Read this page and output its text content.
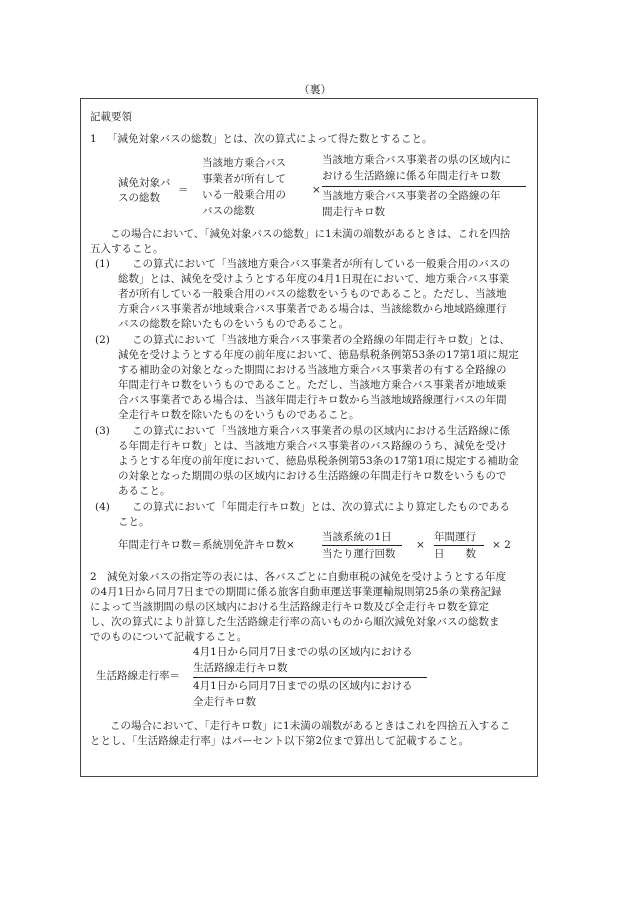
（裏）
記載要領
1 「減免対象バスの総数」とは、次の算式によって得た数とすること。
減免対象バ
スの総数
＝
当該地方乗合バス
事業者が所有して
いる一般乗合用の
バスの総数
×
当該地方乗合バス事業者の県の区域内に
おける生活路線に係る年間走行キロ数
当該地方乗合バス事業者の全路線の年
間走行キロ数
この場合において、「減免対象バスの総数」に1未満の端数があるときは、これを四捨
五入すること。
(1) この算式において「当該地方乗合バス事業者が所有している一般乗合用のバスの
総数」とは、減免を受けようとする年度の4月1日現在において、地方乗合バス事業
者が所有している一般乗合用のバスの総数をいうものであること。ただし、当該地
方乗合バス事業者が地域乗合バス事業者である場合は、当該総数から地域路線運行
バスの総数を除いたものをいうものであること。
(2) この算式において「当該地方乗合バス事業者の全路線の年間走行キロ数」とは、
減免を受けようとする年度の前年度において、徳島県税条例第53条の17第1項に規定
する補助金の対象となった期間における当該地方乗合バス事業者の有する全路線の
年間走行キロ数をいうものであること。ただし、当該地方乗合バス事業者が地域乗
合バス事業者である場合は、当該年間走行キロ数から当該地域路線運行バスの年間
全走行キロ数を除いたものをいうものであること。
(3) この算式において「当該地方乗合バス事業者の県の区域内における生活路線に係
る年間走行キロ数」とは、当該地方乗合バス事業者のバス路線のうち、減免を受け
ようとする年度の前年度において、徳島県税条例第53条の17第1項に規定する補助金
の対象となった期間の県の区域内における生活路線の年間走行キロ数をいうもので
あること。
(4) この算式において「年間走行キロ数」とは、次の算式により算定したものである
こと。
年間走行キロ数＝系統別免許キロ数×
当該系統の1日
当たり運行回数
×
年間運行
日　　数
× 2
2 減免対象バスの指定等の表には、各バスごとに自動車税の減免を受けようとする年度
の4月1日から同月7日までの期間に係る旅客自動車運送事業運輸規則第25条の業務記録
によって当該期間の県の区域内における生活路線走行キロ数及び全走行キロ数を算定
し、次の算式により計算した生活路線走行率の高いものから順次減免対象バスの総数ま
でのものについて記載すること。
4月1日から同月7日までの県の区域内における
生活路線走行率＝
生活路線走行キロ数
4月1日から同月7日までの県の区域内における
全走行キロ数
この場合において、「走行キロ数」に1未満の端数があるときはこれを四捨五入するこ
ととし、「生活路線走行率」はパーセント以下第2位まで算出して記載すること。
